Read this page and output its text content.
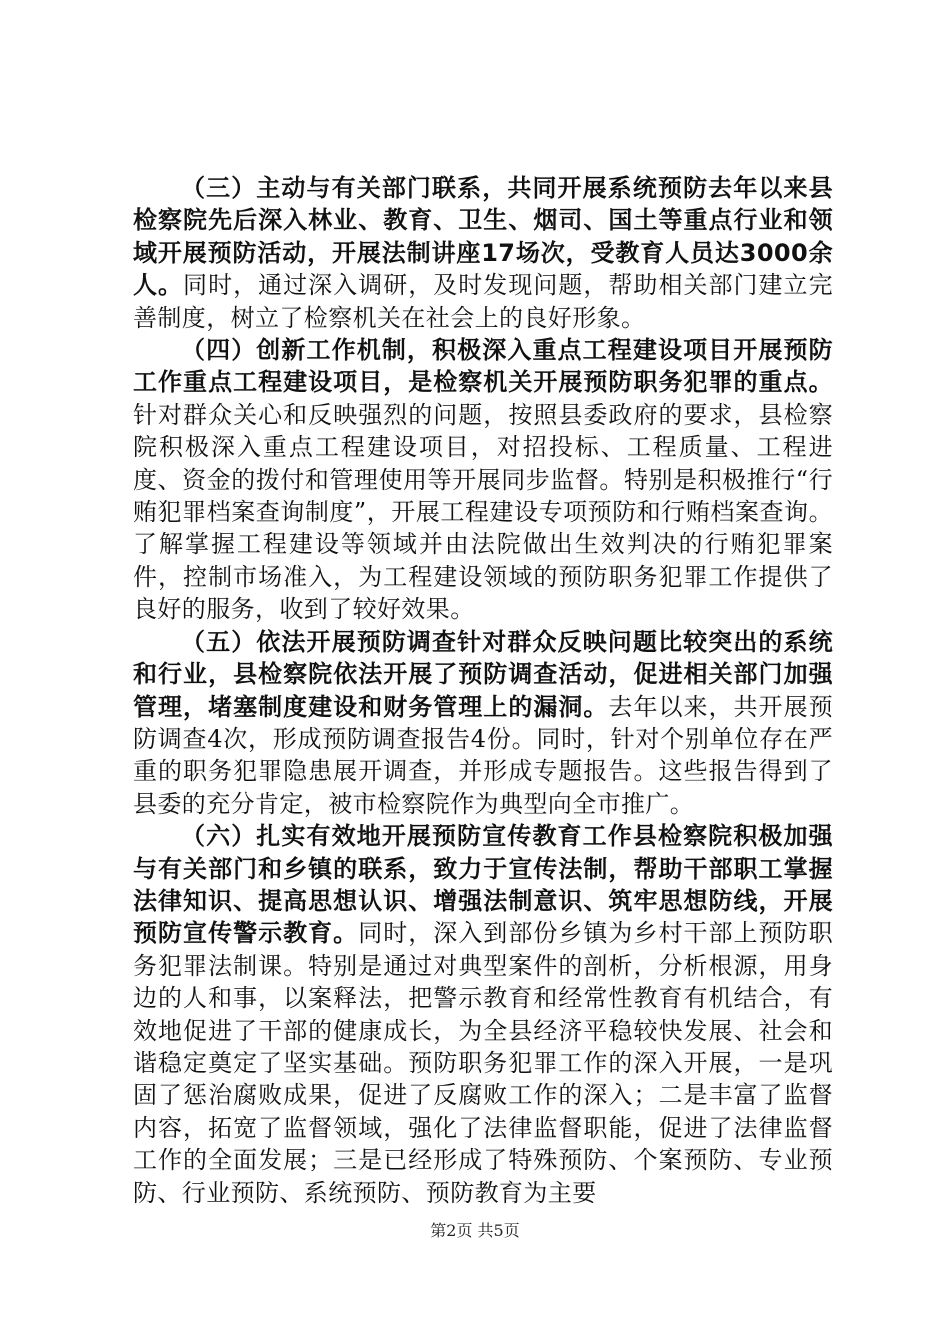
（三）主动与有关部门联系，共同开展系统预防去年以来县检察院先后深入林业、教育、卫生、烟司、国土等重点行业和领域开展预防活动，开展法制讲座17场次，受教育人员达3000余人。同时，通过深入调研，及时发现问题，帮助相关部门建立完善制度，树立了检察机关在社会上的良好形象。

（四）创新工作机制，积极深入重点工程建设项目开展预防工作重点工程建设项目，是检察机关开展预防职务犯罪的重点。针对群众关心和反映强烈的问题，按照县委政府的要求，县检察院积极深入重点工程建设项目，对招投标、工程质量、工程进度、资金的拨付和管理使用等开展同步监督。特别是积极推行“行贿犯罪档案查询制度”，开展工程建设专项预防和行贿档案查询。了解掌握工程建设等领域并由法院做出生效判决的行贿犯罪案件，控制市场准入，为工程建设领域的预防职务犯罪工作提供了良好的服务，收到了较好效果。

（五）依法开展预防调查针对群众反映问题比较突出的系统和行业，县检察院依法开展了预防调查活动，促进相关部门加强管理，堵塞制度建设和财务管理上的漏洞。去年以来，共开展预防调查4次，形成预防调查报告4份。同时，针对个别单位存在严重的职务犯罪隐患展开调查，并形成专题报告。这些报告得到了县委的充分肯定，被市检察院作为典型向全市推广。

（六）扎实有效地开展预防宣传教育工作县检察院积极加强与有关部门和乡镇的联系，致力于宣传法制，帮助干部职工掌握法律知识、提高思想认识、增强法制意识、筑牢思想防线，开展预防宣传警示教育。同时，深入到部份乡镇为乡村干部上预防职务犯罪法制课。特别是通过对典型案件的剖析，分析根源，用身边的人和事，以案释法，把警示教育和经常性教育有机结合，有效地促进了干部的健康成长，为全县经济平稳较快发展、社会和谐稳定奠定了坚实基础。预防职务犯罪工作的深入开展，一是巩固了惩治腐败成果，促进了反腐败工作的深入；二是丰富了监督内容，拓宽了监督领域，强化了法律监督职能，促进了法律监督工作的全面发展；三是已经形成了特殊预防、个案预防、专业预防、行业预防、系统预防、预防教育为主要

第2页 共5页
